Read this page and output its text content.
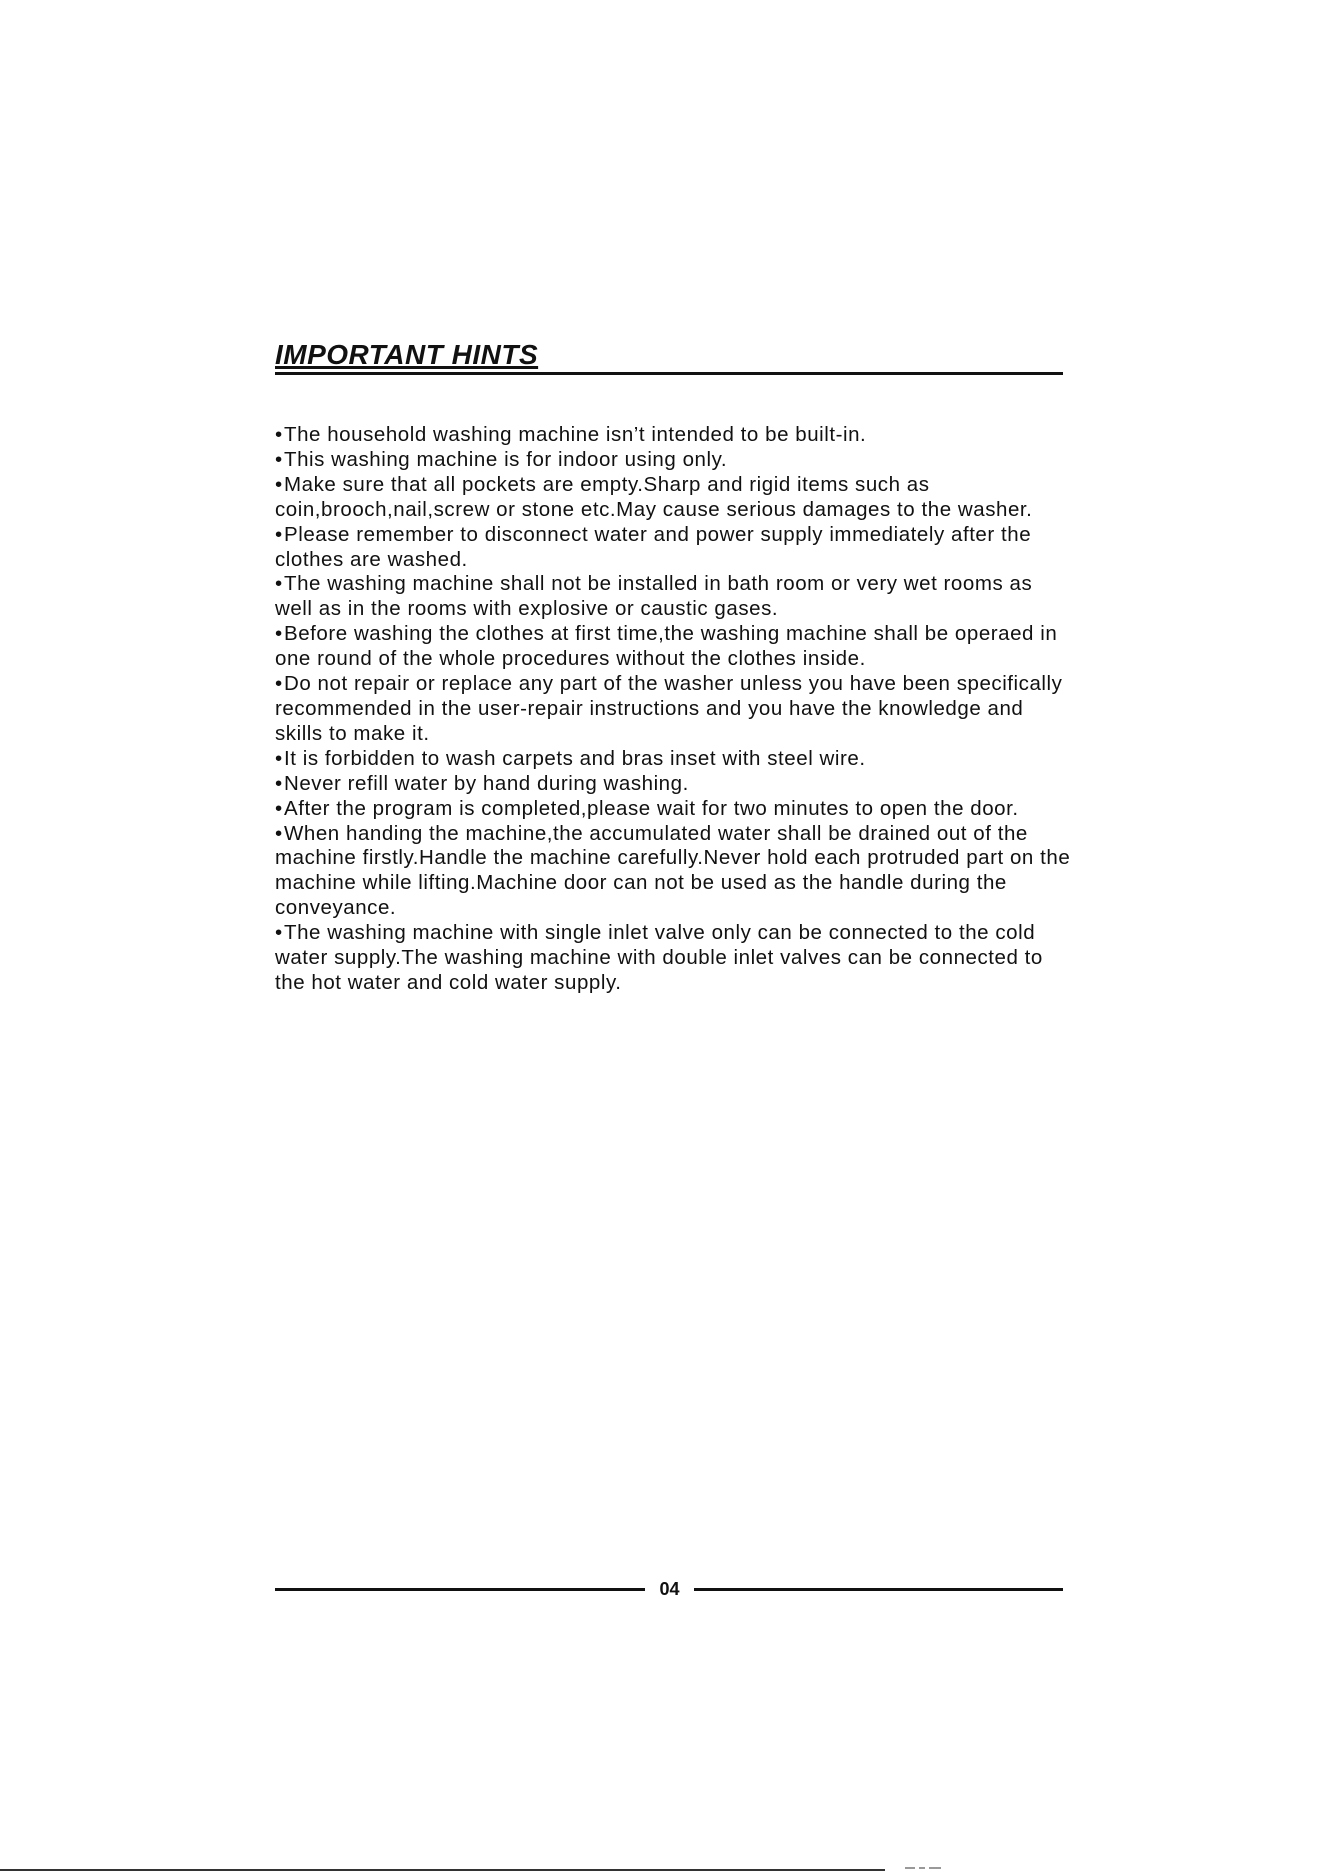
IMPORTANT HINTS
•The household washing machine isn’t intended to be built-in.
•This washing machine is for indoor using only.
•Make sure that all pockets are empty.Sharp and rigid items such as coin,brooch,nail,screw or stone etc.May cause serious damages to the washer.
•Please remember to disconnect water and power supply immediately after the clothes are washed.
•The washing machine shall not be installed in bath room or very wet rooms as well as in the rooms with explosive or caustic gases.
•Before washing the clothes at first time,the washing machine shall be operaed in one round of the whole procedures without the clothes inside.
•Do not repair or replace any part of the washer unless you have been specifically recommended in the user-repair instructions and you have the knowledge and skills to make it.
•It is forbidden to wash carpets and bras inset with steel wire.
•Never refill water by hand during washing.
•After the program is completed,please wait for two minutes to open the door.
•When handing the machine,the accumulated water shall be drained out of the machine firstly.Handle the machine carefully.Never hold each protruded part on the machine while lifting.Machine door can not be used as the handle during the conveyance.
•The washing machine with single inlet valve only can be connected to the cold water supply.The washing machine with double inlet valves can be connected to the hot water and cold water supply.
04
